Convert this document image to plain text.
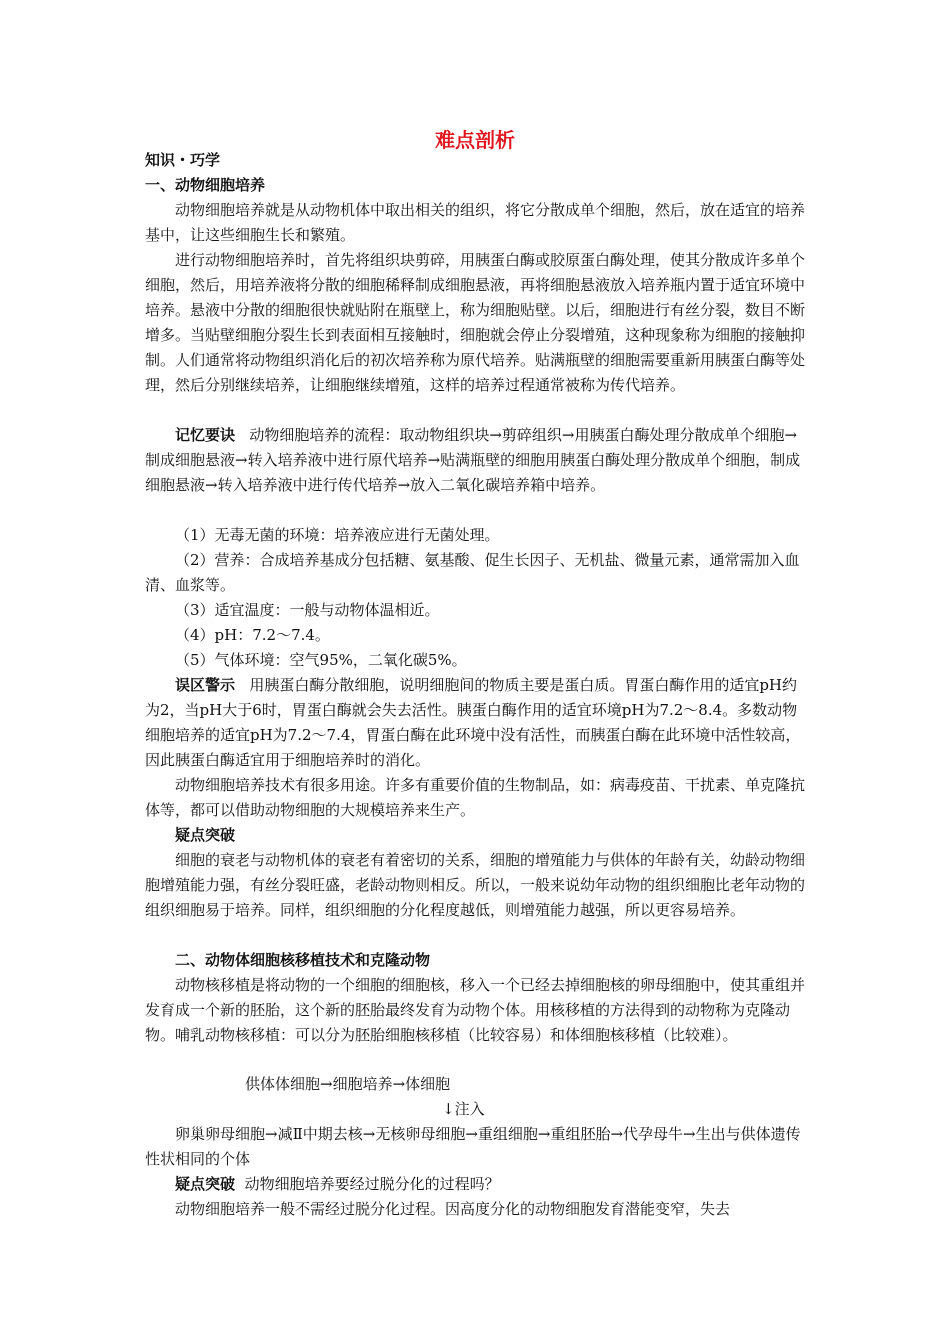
难点剖析

知识・巧学

一、动物细胞培养

动物细胞培养就是从动物机体中取出相关的组织，将它分散成单个细胞，然后，放在适宜的培养基中，让这些细胞生长和繁殖。

进行动物细胞培养时，首先将组织块剪碎，用胰蛋白酶或胶原蛋白酶处理，使其分散成许多单个细胞，然后，用培养液将分散的细胞稀释制成细胞悬液，再将细胞悬液放入培养瓶内置于适宜环境中培养。悬液中分散的细胞很快就贴附在瓶壁上，称为细胞贴壁。以后，细胞进行有丝分裂，数目不断增多。当贴壁细胞分裂生长到表面相互接触时，细胞就会停止分裂增殖，这种现象称为细胞的接触抑制。人们通常将动物组织消化后的初次培养称为原代培养。贴满瓶壁的细胞需要重新用胰蛋白酶等处理，然后分别继续培养，让细胞继续增殖，这样的培养过程通常被称为传代培养。

记忆要诀 动物细胞培养的流程：取动物组织块→剪碎组织→用胰蛋白酶处理分散成单个细胞→制成细胞悬液→转入培养液中进行原代培养→贴满瓶壁的细胞用胰蛋白酶处理分散成单个细胞，制成细胞悬液→转入培养液中进行传代培养→放入二氧化碳培养箱中培养。

（1）无毒无菌的环境：培养液应进行无菌处理。

（2）营养：合成培养基成分包括糖、氨基酸、促生长因子、无机盐、微量元素，通常需加入血清、血浆等。

（3）适宜温度：一般与动物体温相近。

（4）pH：7.2～7.4。

（5）气体环境：空气95%，二氧化碳5%。

误区警示 用胰蛋白酶分散细胞，说明细胞间的物质主要是蛋白质。胃蛋白酶作用的适宜pH约为2，当pH大于6时，胃蛋白酶就会失去活性。胰蛋白酶作用的适宜环境pH为7.2～8.4。多数动物细胞培养的适宜pH为7.2～7.4，胃蛋白酶在此环境中没有活性，而胰蛋白酶在此环境中活性较高，因此胰蛋白酶适宜用于细胞培养时的消化。

动物细胞培养技术有很多用途。许多有重要价值的生物制品，如：病毒疫苗、干扰素、单克隆抗体等，都可以借助动物细胞的大规模培养来生产。

疑点突破

细胞的衰老与动物机体的衰老有着密切的关系，细胞的增殖能力与供体的年龄有关，幼龄动物细胞增殖能力强，有丝分裂旺盛，老龄动物则相反。所以，一般来说幼年动物的组织细胞比老年动物的组织细胞易于培养。同样，组织细胞的分化程度越低，则增殖能力越强，所以更容易培养。

二、动物体细胞核移植技术和克隆动物

动物核移植是将动物的一个细胞的细胞核，移入一个已经去掉细胞核的卵母细胞中，使其重组并发育成一个新的胚胎，这个新的胚胎最终发育为动物个体。用核移植的方法得到的动物称为克隆动物。哺乳动物核移植：可以分为胚胎细胞核移植（比较容易）和体细胞核移植（比较难）。

供体体细胞→细胞培养→体细胞
↓注入

卵巢卵母细胞→减Ⅱ中期去核→无核卵母细胞→重组细胞→重组胚胎→代孕母牛→生出与供体遗传性状相同的个体

疑点突破 动物细胞培养要经过脱分化的过程吗？

动物细胞培养一般不需经过脱分化过程。因高度分化的动物细胞发育潜能变窄，失去
